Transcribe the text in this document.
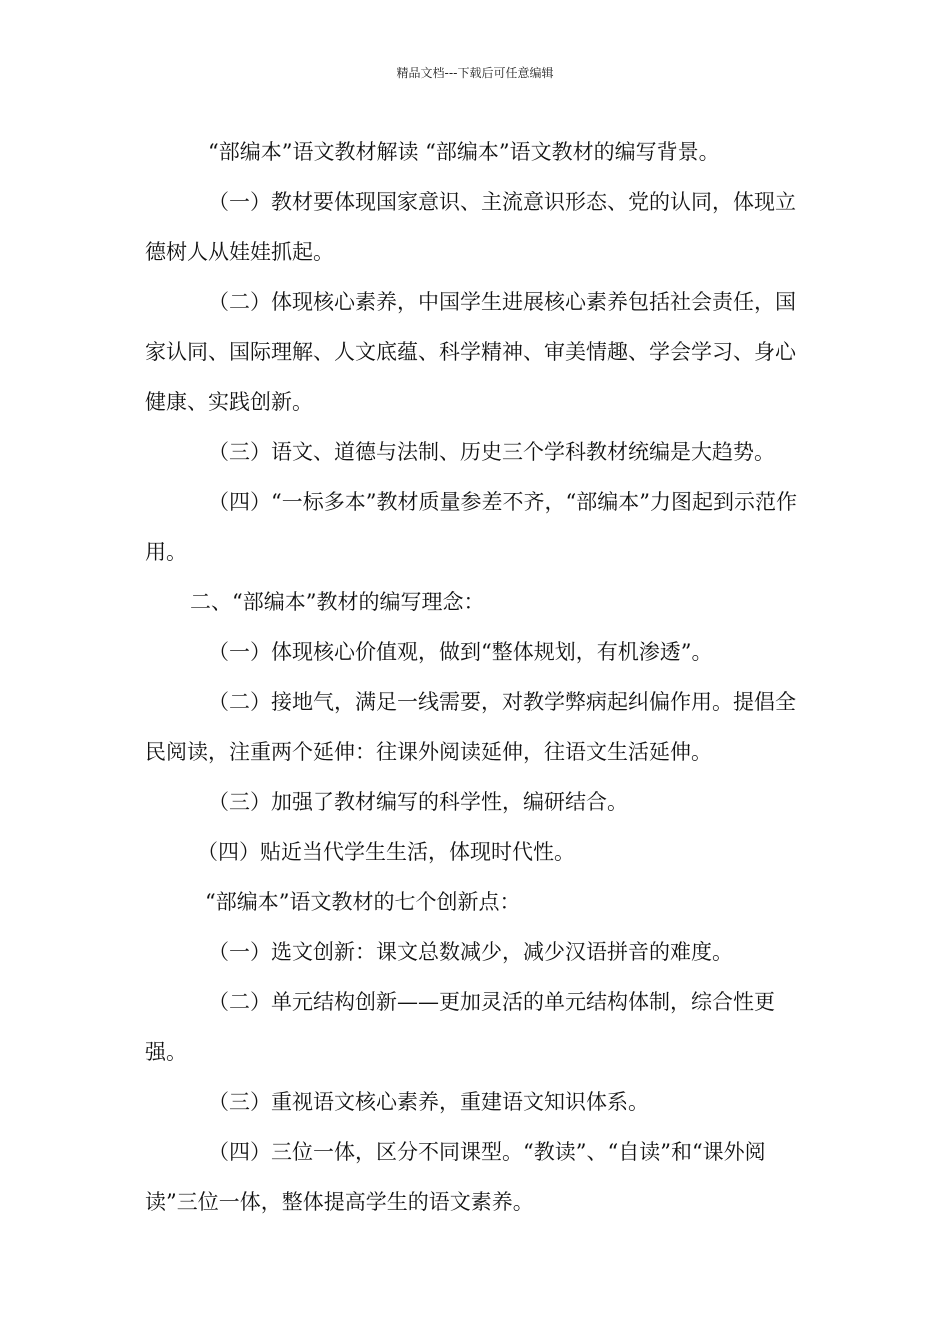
精品文档---下载后可任意编辑

“部编本”语文教材解读 “部编本”语文教材的编写背景。

（一）教材要体现国家意识、主流意识形态、党的认同，体现立德树人从娃娃抓起。

（二）体现核心素养，中国学生进展核心素养包括社会责任，国家认同、国际理解、人文底蕴、科学精神、审美情趣、学会学习、身心健康、实践创新。

（三）语文、道德与法制、历史三个学科教材统编是大趋势。

（四）“一标多本”教材质量参差不齐，“部编本”力图起到示范作用。

二、“部编本”教材的编写理念：

（一）体现核心价值观，做到“整体规划，有机渗透”。

（二）接地气，满足一线需要，对教学弊病起纠偏作用。提倡全民阅读，注重两个延伸：往课外阅读延伸，往语文生活延伸。

（三）加强了教材编写的科学性，编研结合。

（四）贴近当代学生生活，体现时代性。

“部编本”语文教材的七个创新点：

（一）选文创新：课文总数减少，减少汉语拼音的难度。

（二）单元结构创新——更加灵活的单元结构体制，综合性更强。

（三）重视语文核心素养，重建语文知识体系。

（四）三位一体，区分不同课型。“教读”、“自读”和“课外阅读”三位一体，整体提高学生的语文素养。
